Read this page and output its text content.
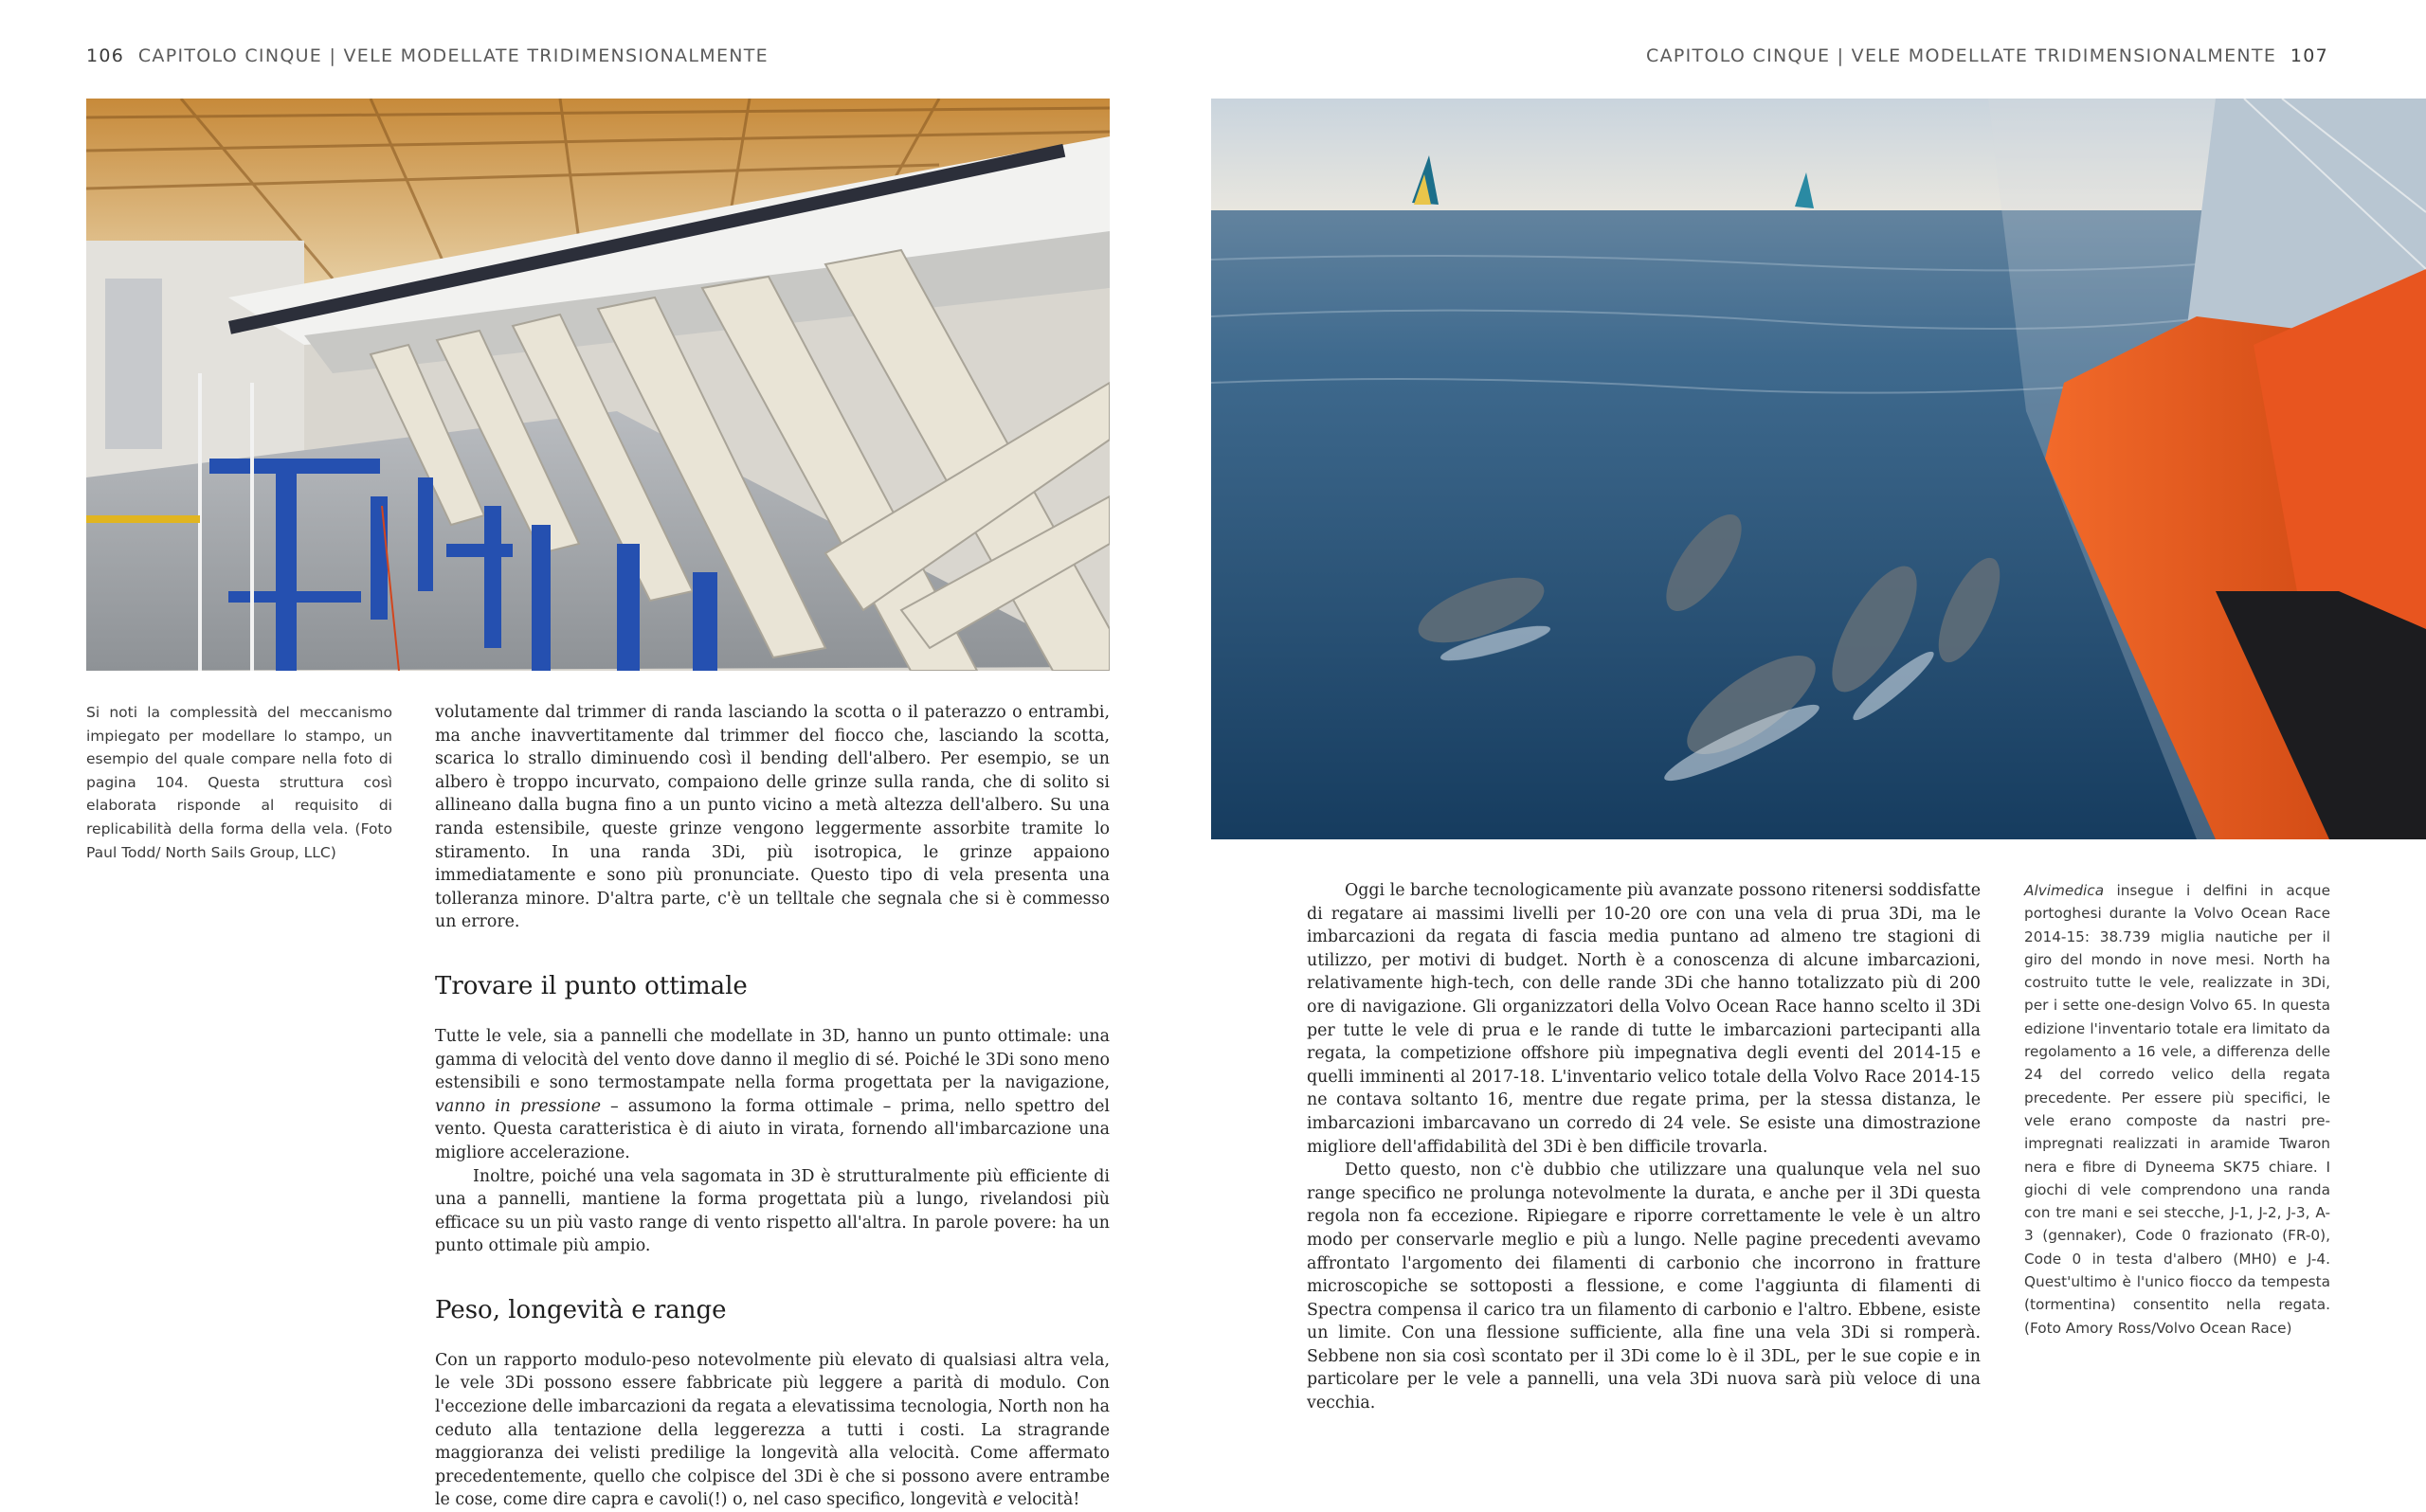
106 CAPITOLO CINQUE | VELE MODELLATE TRIDIMENSIONALMENTE
Si noti la complessità del meccanismo impiegato per modellare lo stampo, un esempio del quale compare nella foto di pagina 104. Questa struttura così elaborata risponde al requisito di replicabilità della forma della vela. (Foto Paul Todd/ North Sails Group, LLC)

volutamente dal trimmer di randa lasciando la scotta o il paterazzo o entrambi, ma anche inavvertitamente dal trimmer del fiocco che, lasciando la scotta, scarica lo strallo diminuendo così il bending dell'albero. Per esempio, se un albero è troppo incurvato, compaiono delle grinze sulla randa, che di solito si allineano dalla bugna fino a un punto vicino a metà altezza dell'albero. Su una randa estensibile, queste grinze vengono leggermente assorbite tramite lo stiramento. In una randa 3Di, più isotropica, le grinze appaiono immediatamente e sono più pronunciate. Questo tipo di vela presenta una tolleranza minore. D'altra parte, c'è un telltale che segnala che si è commesso un errore.

Trovare il punto ottimale

Tutte le vele, sia a pannelli che modellate in 3D, hanno un punto ottimale: una gamma di velocità del vento dove danno il meglio di sé. Poiché le 3Di sono meno estensibili e sono termostampate nella forma progettata per la navigazione, vanno in pressione – assumono la forma ottimale – prima, nello spettro del vento. Questa caratteristica è di aiuto in virata, fornendo all'imbarcazione una migliore accelerazione.

Inoltre, poiché una vela sagomata in 3D è strutturalmente più efficiente di una a pannelli, mantiene la forma progettata più a lungo, rivelandosi più efficace su un più vasto range di vento rispetto all'altra. In parole povere: ha un punto ottimale più ampio.

Peso, longevità e range

Con un rapporto modulo-peso notevolmente più elevato di qualsiasi altra vela, le vele 3Di possono essere fabbricate più leggere a parità di modulo. Con l'eccezione delle imbarcazioni da regata a elevatissima tecnologia, North non ha ceduto alla tentazione della leggerezza a tutti i costi. La stragrande maggioranza dei velisti predilige la longevità alla velocità. Come affermato precedentemente, quello che colpisce del 3Di è che si possono avere entrambe le cose, come dire capra e cavoli(!) o, nel caso specifico, longevità e velocità!

CAPITOLO CINQUE | VELE MODELLATE TRIDIMENSIONALMENTE 107

Oggi le barche tecnologicamente più avanzate possono ritenersi soddisfatte di regatare ai massimi livelli per 10-20 ore con una vela di prua 3Di, ma le imbarcazioni da regata di fascia media puntano ad almeno tre stagioni di utilizzo, per motivi di budget. North è a conoscenza di alcune imbarcazioni, relativamente high-tech, con delle rande 3Di che hanno totalizzato più di 200 ore di navigazione. Gli organizzatori della Volvo Ocean Race hanno scelto il 3Di per tutte le vele di prua e le rande di tutte le imbarcazioni partecipanti alla regata, la competizione offshore più impegnativa degli eventi del 2014-15 e quelli imminenti al 2017-18. L'inventario velico totale della Volvo Race 2014-15 ne contava soltanto 16, mentre due regate prima, per la stessa distanza, le imbarcazioni imbarcavano un corredo di 24 vele. Se esiste una dimostrazione migliore dell'affidabilità del 3Di è ben difficile trovarla.

Detto questo, non c'è dubbio che utilizzare una qualunque vela nel suo range specifico ne prolunga notevolmente la durata, e anche per il 3Di questa regola non fa eccezione. Ripiegare e riporre correttamente le vele è un altro modo per conservarle meglio e più a lungo. Nelle pagine precedenti avevamo affrontato l'argomento dei filamenti di carbonio che incorrono in fratture microscopiche se sottoposti a flessione, e come l'aggiunta di filamenti di Spectra compensa il carico tra un filamento di carbonio e l'altro. Ebbene, esiste un limite. Con una flessione sufficiente, alla fine una vela 3Di si romperà. Sebbene non sia così scontato per il 3Di come lo è il 3DL, per le sue copie e in particolare per le vele a pannelli, una vela 3Di nuova sarà più veloce di una vecchia.

Alvimedica insegue i delfini in acque portoghesi durante la Volvo Ocean Race 2014-15: 38.739 miglia nautiche per il giro del mondo in nove mesi. North ha costruito tutte le vele, realizzate in 3Di, per i sette one-design Volvo 65. In questa edizione l'inventario totale era limitato da regolamento a 16 vele, a differenza delle 24 del corredo velico della regata precedente. Per essere più specifici, le vele erano composte da nastri pre-impregnati realizzati in aramide Twaron nera e fibre di Dyneema SK75 chiare. I giochi di vele comprendono una randa con tre mani e sei stecche, J-1, J-2, J-3, A-3 (gennaker), Code 0 frazionato (FR-0), Code 0 in testa d'albero (MH0) e J-4. Quest'ultimo è l'unico fiocco da tempesta (tormentina) consentito nella regata. (Foto Amory Ross/Volvo Ocean Race)
